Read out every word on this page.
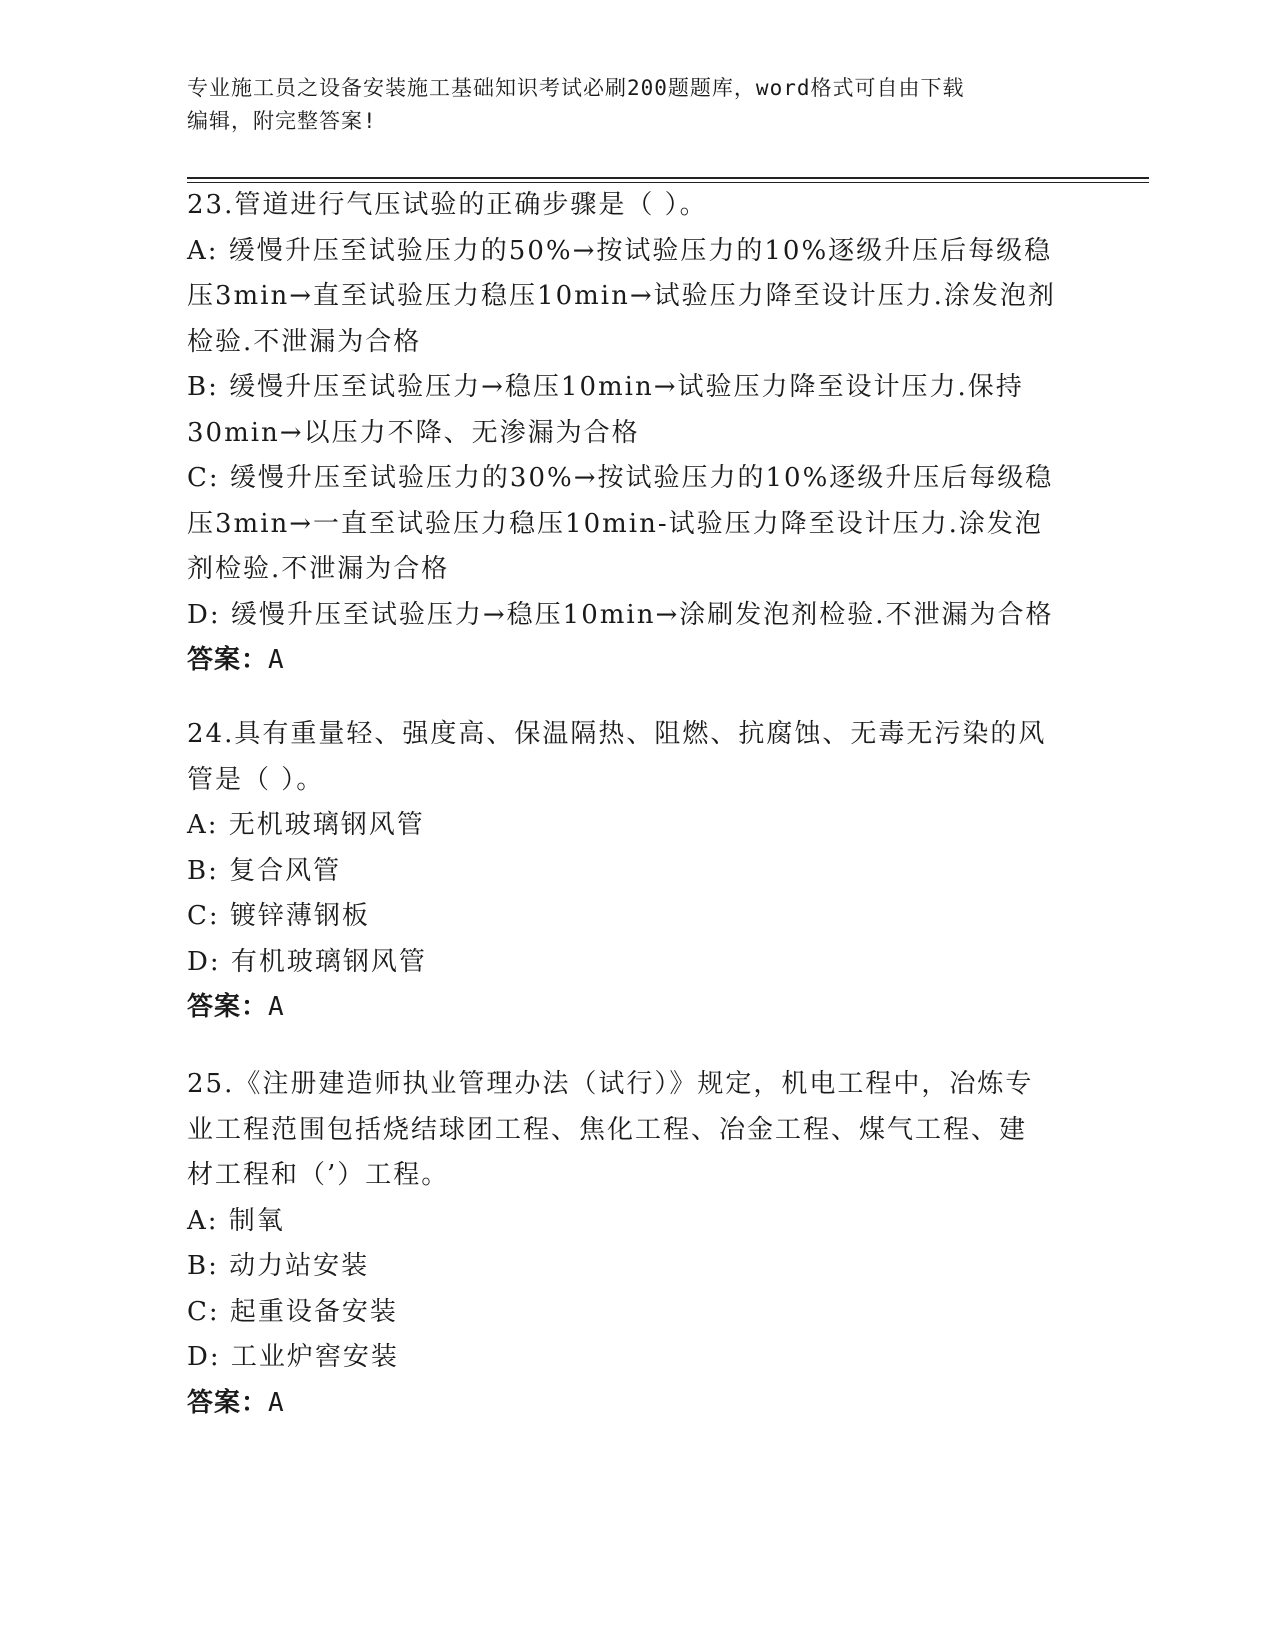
专业施工员之设备安装施工基础知识考试必刷200题题库，word格式可自由下载
编辑，附完整答案!

23.管道进行气压试验的正确步骤是（ ）。

A: 缓慢升压至试验压力的50%→按试验压力的10%逐级升压后每级稳

压3min→直至试验压力稳压10min→试验压力降至设计压力.涂发泡剂

检验.不泄漏为合格

B: 缓慢升压至试验压力→稳压10min→试验压力降至设计压力.保持

30min→以压力不降、无渗漏为合格

C: 缓慢升压至试验压力的30%→按试验压力的10%逐级升压后每级稳

压3min→一直至试验压力稳压10min-试验压力降至设计压力.涂发泡

剂检验.不泄漏为合格

D: 缓慢升压至试验压力→稳压10min→涂刷发泡剂检验.不泄漏为合格

答案：A

24.具有重量轻、强度高、保温隔热、阻燃、抗腐蚀、无毒无污染的风

管是（ ）。

A: 无机玻璃钢风管

B: 复合风管

C: 镀锌薄钢板

D: 有机玻璃钢风管

答案：A

25.《注册建造师执业管理办法（试行）》规定，机电工程中，冶炼专

业工程范围包括烧结球团工程、焦化工程、冶金工程、煤气工程、建

材工程和（’）工程。

A: 制氧

B: 动力站安装

C: 起重设备安装

D: 工业炉窖安装

答案：A
